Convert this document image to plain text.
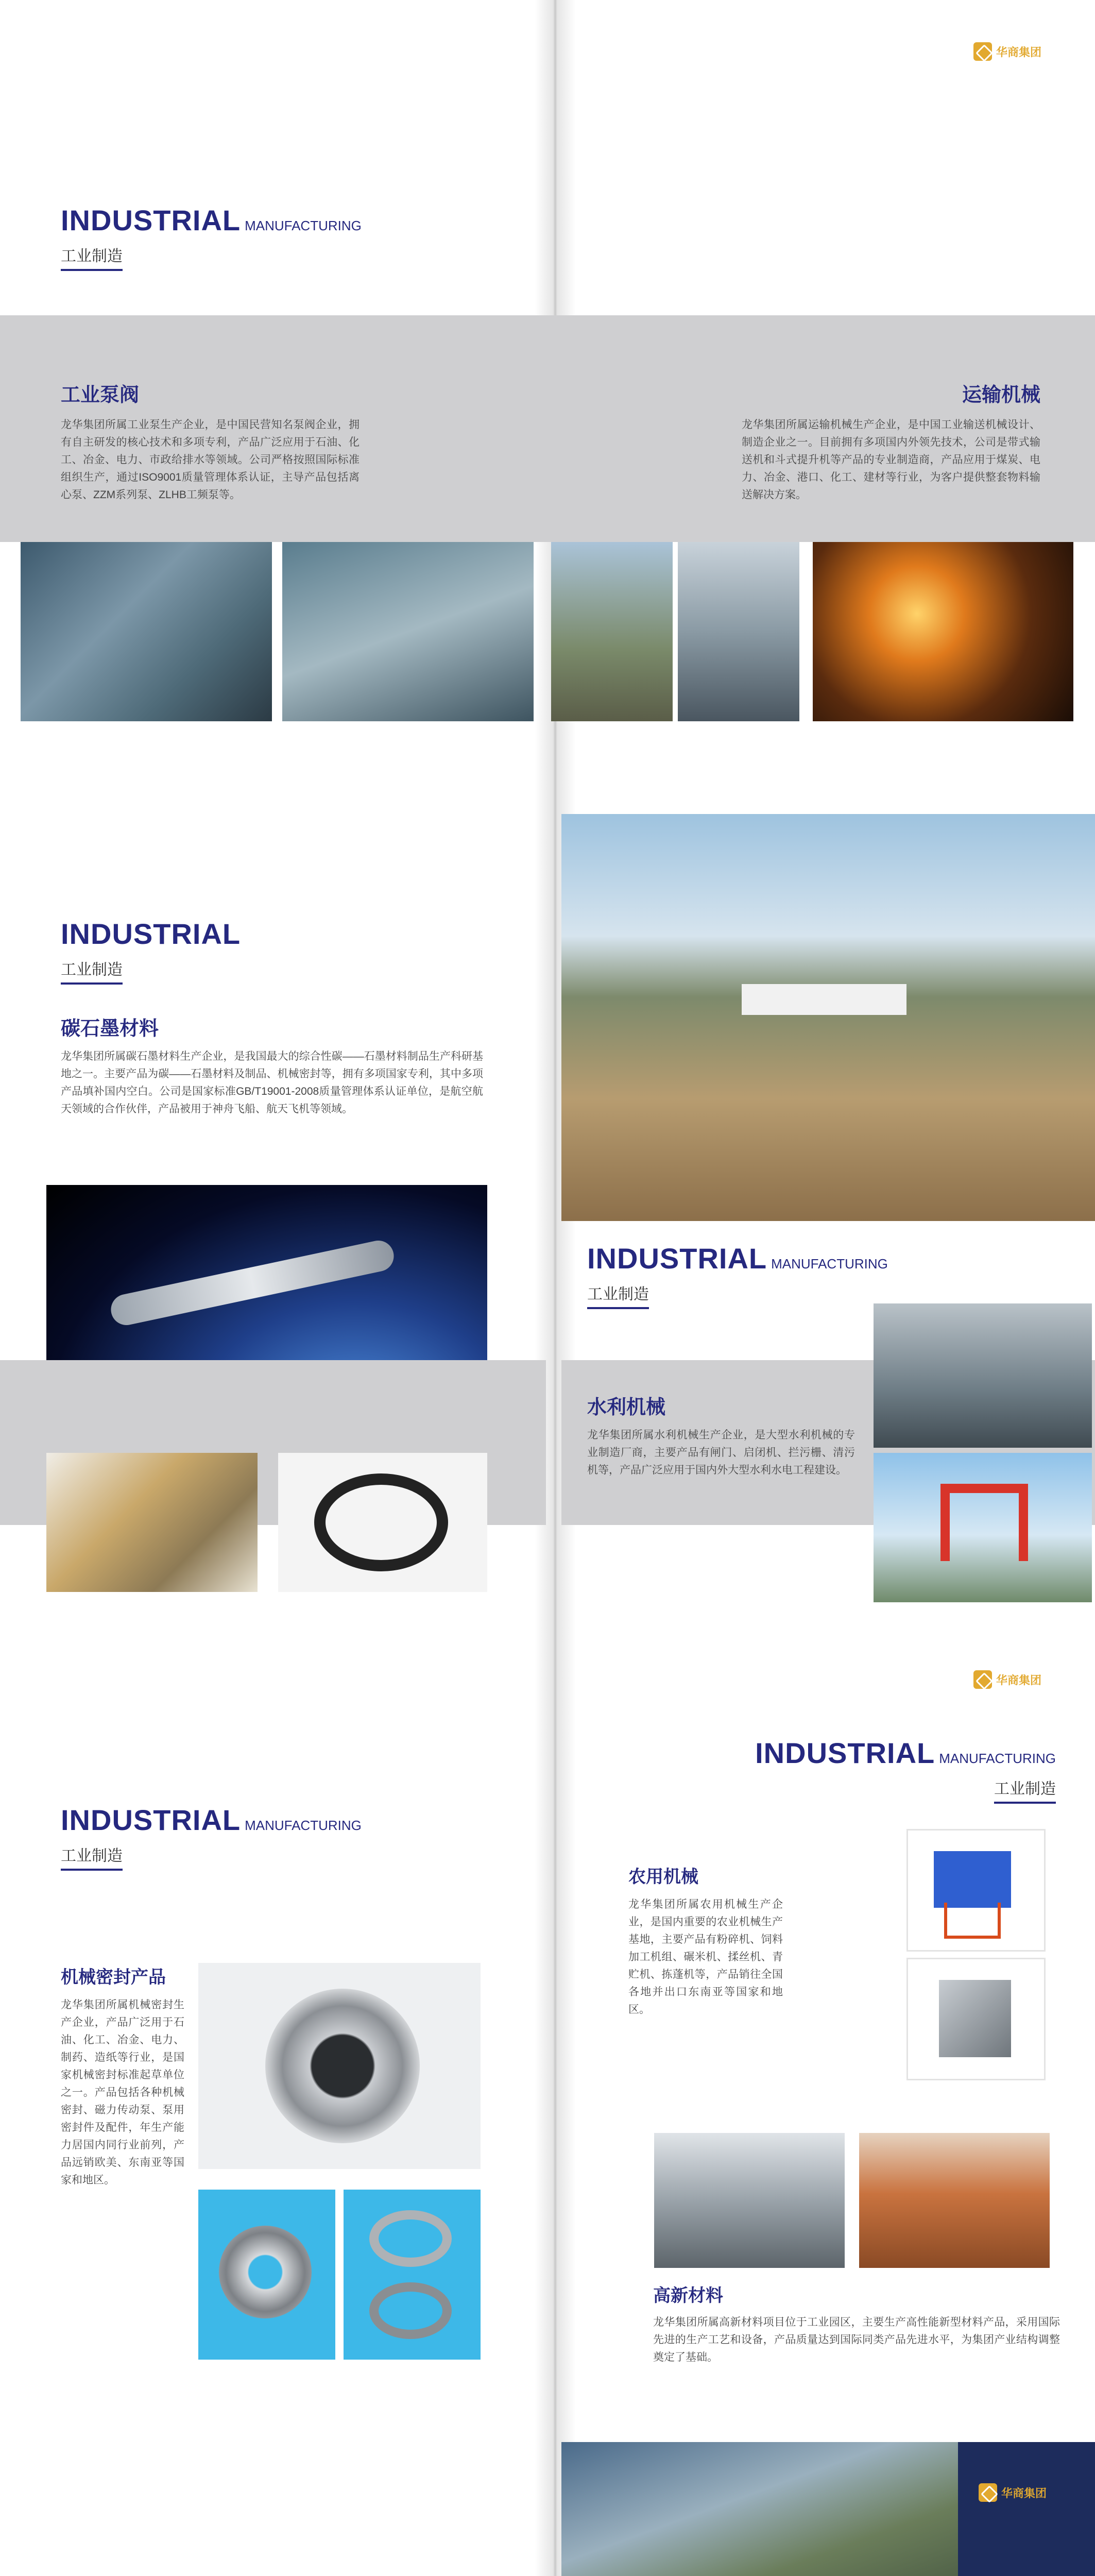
华商集团
INDUSTRIAL MANUFACTURING
工业制造
工业泵阀
龙华集团所属工业泵生产企业，是中国民营知名泵阀企业，拥有自主研发的核心技术和多项专利，产品广泛应用于石油、化工、冶金、电力、市政给排水等领域。公司严格按照国际标准组织生产，通过ISO9001质量管理体系认证，主导产品包括离心泵、ZZM系列泵、ZLHB工频泵等。
运输机械
龙华集团所属运输机械生产企业，是中国工业输送机械设计、制造企业之一。目前拥有多项国内外领先技术，公司是带式输送机和斗式提升机等产品的专业制造商，产品应用于煤炭、电力、冶金、港口、化工、建材等行业，为客户提供整套物料输送解决方案。
INDUSTRIAL
工业制造
碳石墨材料
龙华集团所属碳石墨材料生产企业，是我国最大的综合性碳——石墨材料制品生产科研基地之一。主要产品为碳——石墨材料及制品、机械密封等，拥有多项国家专利，其中多项产品填补国内空白。公司是国家标准GB/T19001-2008质量管理体系认证单位，是航空航天领域的合作伙伴，产品被用于神舟飞船、航天飞机等领域。
INDUSTRIAL MANUFACTURING
工业制造
水利机械
龙华集团所属水利机械生产企业，是大型水利机械的专业制造厂商，主要产品有闸门、启闭机、拦污栅、清污机等，产品广泛应用于国内外大型水利水电工程建设。
华商集团
INDUSTRIAL MANUFACTURING
工业制造
机械密封产品
龙华集团所属机械密封生产企业，产品广泛用于石油、化工、冶金、电力、制药、造纸等行业，是国家机械密封标准起草单位之一。产品包括各种机械密封、磁力传动泵、泵用密封件及配件，年生产能力居国内同行业前列，产品远销欧美、东南亚等国家和地区。
INDUSTRIAL MANUFACTURING
工业制造
农用机械
龙华集团所属农用机械生产企业，是国内重要的农业机械生产基地，主要产品有粉碎机、饲料加工机组、碾米机、揉丝机、青贮机、拣蓬机等，产品销往全国各地并出口东南亚等国家和地区。
高新材料
龙华集团所属高新材料项目位于工业园区，主要生产高性能新型材料产品，采用国际先进的生产工艺和设备，产品质量达到国际同类产品先进水平，为集团产业结构调整奠定了基础。

华商集团
